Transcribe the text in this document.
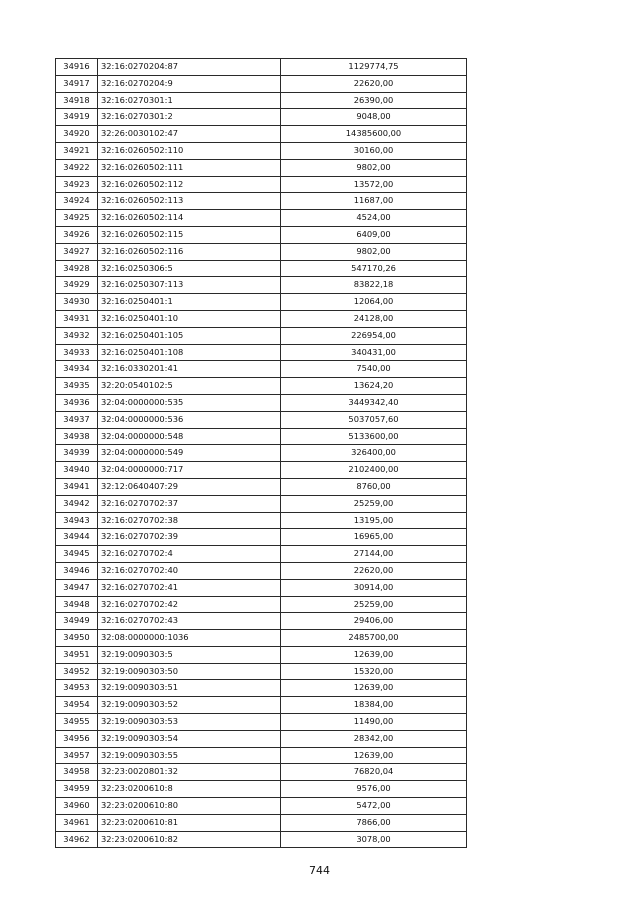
34916	32:16:0270204:87	1129774,75
34917	32:16:0270204:9	22620,00
34918	32:16:0270301:1	26390,00
34919	32:16:0270301:2	9048,00
34920	32:26:0030102:47	14385600,00
34921	32:16:0260502:110	30160,00
34922	32:16:0260502:111	9802,00
34923	32:16:0260502:112	13572,00
34924	32:16:0260502:113	11687,00
34925	32:16:0260502:114	4524,00
34926	32:16:0260502:115	6409,00
34927	32:16:0260502:116	9802,00
34928	32:16:0250306:5	547170,26
34929	32:16:0250307:113	83822,18
34930	32:16:0250401:1	12064,00
34931	32:16:0250401:10	24128,00
34932	32:16:0250401:105	226954,00
34933	32:16:0250401:108	340431,00
34934	32:16:0330201:41	7540,00
34935	32:20:0540102:5	13624,20
34936	32:04:0000000:535	3449342,40
34937	32:04:0000000:536	5037057,60
34938	32:04:0000000:548	5133600,00
34939	32:04:0000000:549	326400,00
34940	32:04:0000000:717	2102400,00
34941	32:12:0640407:29	8760,00
34942	32:16:0270702:37	25259,00
34943	32:16:0270702:38	13195,00
34944	32:16:0270702:39	16965,00
34945	32:16:0270702:4	27144,00
34946	32:16:0270702:40	22620,00
34947	32:16:0270702:41	30914,00
34948	32:16:0270702:42	25259,00
34949	32:16:0270702:43	29406,00
34950	32:08:0000000:1036	2485700,00
34951	32:19:0090303:5	12639,00
34952	32:19:0090303:50	15320,00
34953	32:19:0090303:51	12639,00
34954	32:19:0090303:52	18384,00
34955	32:19:0090303:53	11490,00
34956	32:19:0090303:54	28342,00
34957	32:19:0090303:55	12639,00
34958	32:23:0020801:32	76820,04
34959	32:23:0200610:8	9576,00
34960	32:23:0200610:80	5472,00
34961	32:23:0200610:81	7866,00
34962	32:23:0200610:82	3078,00
744
